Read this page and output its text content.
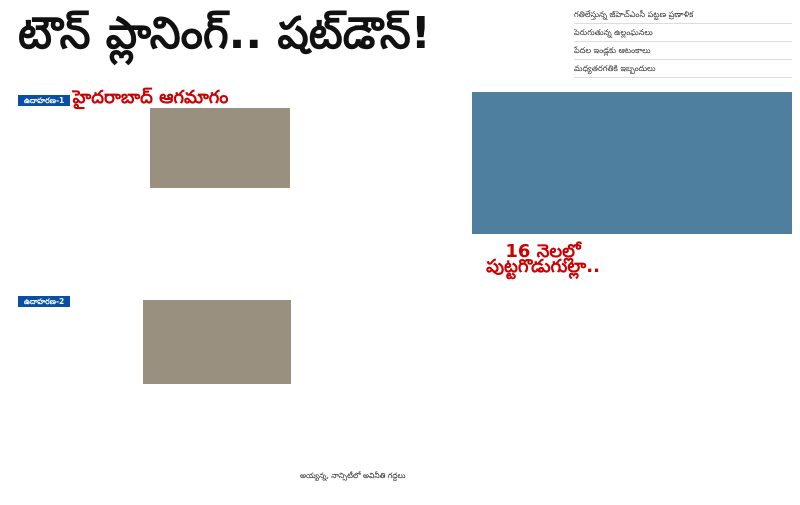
టౌన్ ప్లానింగ్.. షట్‌డౌన్!	గతిలేస్తున్న జీహెచ్‌ఎంసీ పట్టణ ప్రణాళిక
పెరుగుతున్న ఉల్లంఘనలు
పేదల ఇండ్లకు ఆటంకాలు
మధ్యతరగతికి ఇబ్బందులు
ఉదాహరణ-1 హైదరాబాద్ ఆగమాగం
ఉదాహరణ-2
16 నెలల్లో పుట్టగొడుగుల్లా..
అయ్యన్న, నాన్సిటీలో అవినీతి గద్దలు
